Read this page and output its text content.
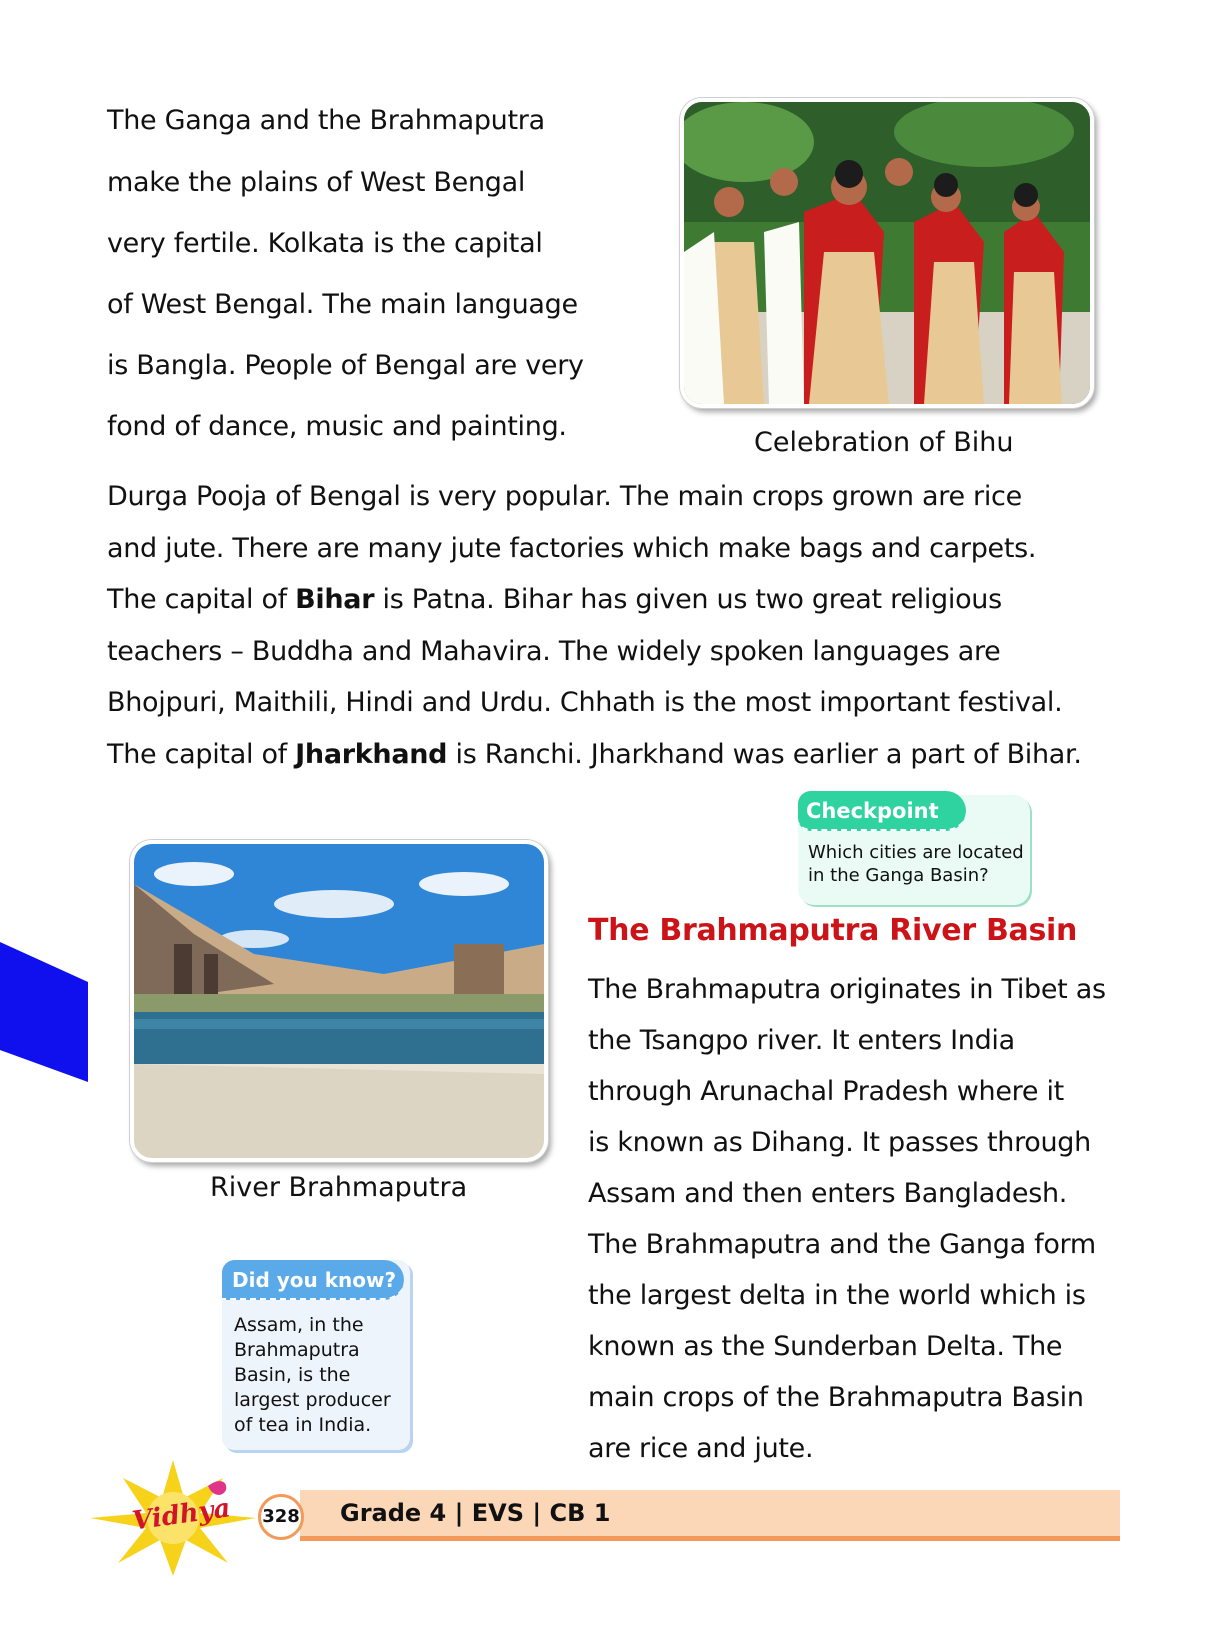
The Ganga and the Brahmaputra
make the plains of West Bengal
very fertile. Kolkata is the capital
of West Bengal. The main language
is Bangla. People of Bengal are very
fond of dance, music and painting.
Celebration of Bihu
Durga Pooja of Bengal is very popular. The main crops grown are rice
and jute. There are many jute factories which make bags and carpets.
The capital of Bihar is Patna. Bihar has given us two great religious
teachers – Buddha and Mahavira. The widely spoken languages are
Bhojpuri, Maithili, Hindi and Urdu. Chhath is the most important festival.
The capital of Jharkhand is Ranchi. Jharkhand was earlier a part of Bihar.
Checkpoint
Which cities are located
in the Ganga Basin?
River Brahmaputra
The Brahmaputra River Basin
The Brahmaputra originates in Tibet as
the Tsangpo river. It enters India
through Arunachal Pradesh where it
is known as Dihang. It passes through
Assam and then enters Bangladesh.
The Brahmaputra and the Ganga form
the largest delta in the world which is
known as the Sunderban Delta. The
main crops of the Brahmaputra Basin
are rice and jute.
Did you know?
Assam, in the
Brahmaputra
Basin, is the
largest producer
of tea in India.
Vidhya 328 Grade 4 | EVS | CB 1
